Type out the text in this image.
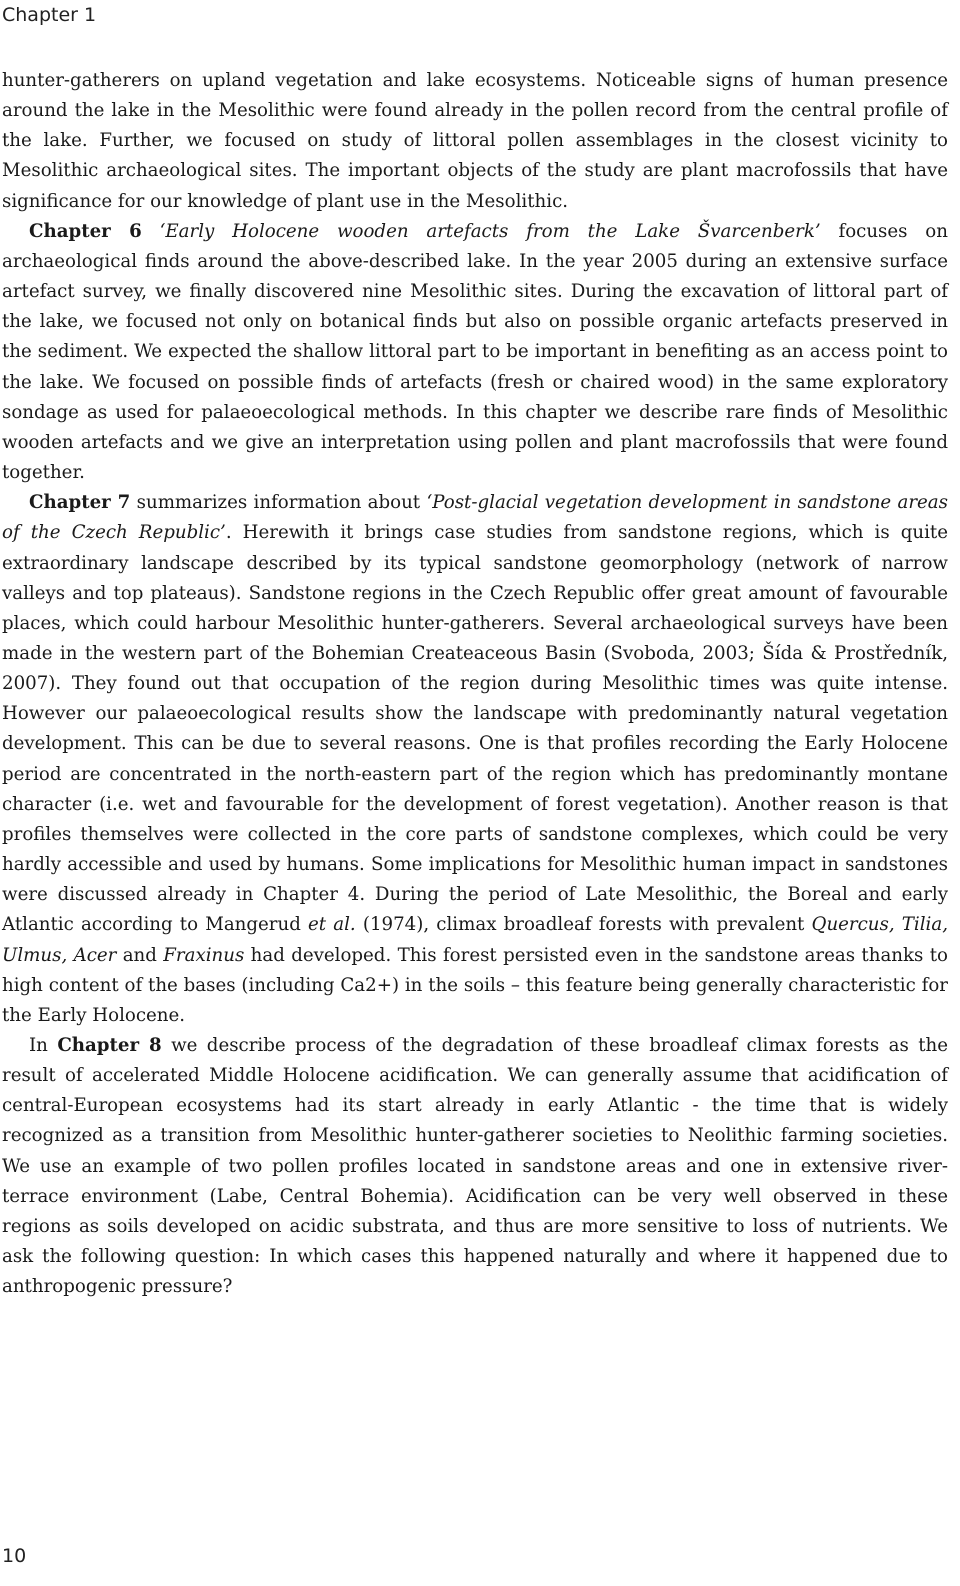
Chapter 1

hunter-gatherers on upland vegetation and lake ecosystems. Noticeable signs of human presence around the lake in the Mesolithic were found already in the pollen record from the central profile of the lake. Further, we focused on study of littoral pollen assemblages in the closest vicinity to Mesolithic archaeological sites. The important objects of the study are plant macrofossils that have significance for our knowledge of plant use in the Mesolithic.

Chapter 6 ‘Early Holocene wooden artefacts from the Lake Švarcenberk’ focuses on archaeological finds around the above-described lake. In the year 2005 during an extensive surface artefact survey, we finally discovered nine Mesolithic sites. During the excavation of littoral part of the lake, we focused not only on botanical finds but also on possible organic artefacts preserved in the sediment. We expected the shallow littoral part to be important in benefiting as an access point to the lake. We focused on possible finds of artefacts (fresh or chaired wood) in the same exploratory sondage as used for palaeoecological methods. In this chapter we describe rare finds of Mesolithic wooden artefacts and we give an interpretation using pollen and plant macrofossils that were found together.

Chapter 7 summarizes information about ‘Post-glacial vegetation development in sandstone areas of the Czech Republic’. Herewith it brings case studies from sandstone regions, which is quite extraordinary landscape described by its typical sandstone geomorphology (network of narrow valleys and top plateaus). Sandstone regions in the Czech Republic offer great amount of favourable places, which could harbour Mesolithic hunter-gatherers. Several archaeological surveys have been made in the western part of the Bohemian Createaceous Basin (Svoboda, 2003; Šída & Prostředník, 2007). They found out that occupation of the region during Mesolithic times was quite intense. However our palaeoecological results show the landscape with predominantly natural vegetation development. This can be due to several reasons. One is that profiles recording the Early Holocene period are concentrated in the north-eastern part of the region which has predominantly montane character (i.e. wet and favourable for the development of forest vegetation). Another reason is that profiles themselves were collected in the core parts of sandstone complexes, which could be very hardly accessible and used by humans. Some implications for Mesolithic human impact in sandstones were discussed already in Chapter 4. During the period of Late Mesolithic, the Boreal and early Atlantic according to Mangerud et al. (1974), climax broadleaf forests with prevalent Quercus, Tilia, Ulmus, Acer and Fraxinus had developed. This forest persisted even in the sandstone areas thanks to high content of the bases (including Ca2+) in the soils – this feature being generally characteristic for the Early Holocene.

In Chapter 8 we describe process of the degradation of these broadleaf climax forests as the result of accelerated Middle Holocene acidification. We can generally assume that acidification of central-European ecosystems had its start already in early Atlantic - the time that is widely recognized as a transition from Mesolithic hunter-gatherer societies to Neolithic farming societies. We use an example of two pollen profiles located in sandstone areas and one in extensive river-terrace environment (Labe, Central Bohemia). Acidification can be very well observed in these regions as soils developed on acidic substrata, and thus are more sensitive to loss of nutrients. We ask the following question: In which cases this happened naturally and where it happened due to anthropogenic pressure?

10
